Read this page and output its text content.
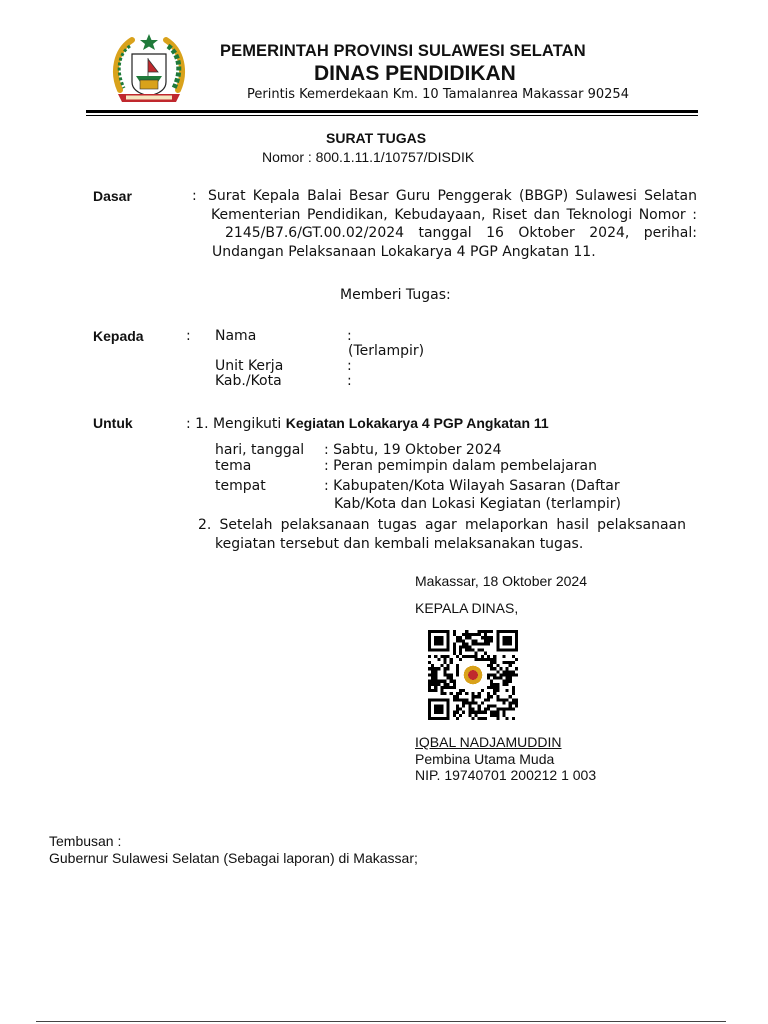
PEMERINTAH PROVINSI SULAWESI SELATAN
DINAS PENDIDIKAN
Perintis Kemerdekaan Km. 10 Tamalanrea Makassar 90254
SURAT TUGAS
Nomor : 800.1.11.1/10757/DISDIK
Dasar	: Surat Kepala Balai Besar Guru Penggerak (BBGP) Sulawesi Selatan
Kementerian Pendidikan, Kebudayaan, Riset dan Teknologi Nomor :
2145/B7.6/GT.00.02/2024 tanggal 16 Oktober 2024, perihal:
Undangan Pelaksanaan Lokakarya 4 PGP Angkatan 11.
Memberi Tugas:
Kepada	: Nama	:
(Terlampir)
Unit Kerja	:
Kab./Kota	:
Untuk	: 1. Mengikuti Kegiatan Lokakarya 4 PGP Angkatan 11
hari, tanggal : Sabtu, 19 Oktober 2024
tema	: Peran pemimpin dalam pembelajaran
tempat	: Kabupaten/Kota Wilayah Sasaran (Daftar
Kab/Kota dan Lokasi Kegiatan (terlampir)
2. Setelah pelaksanaan tugas agar melaporkan hasil pelaksanaan
kegiatan tersebut dan kembali melaksanakan tugas.
Makassar, 18 Oktober 2024
KEPALA DINAS,
IQBAL NADJAMUDDIN
Pembina Utama Muda
NIP. 19740701 200212 1 003
Tembusan :
Gubernur Sulawesi Selatan (Sebagai laporan) di Makassar;
